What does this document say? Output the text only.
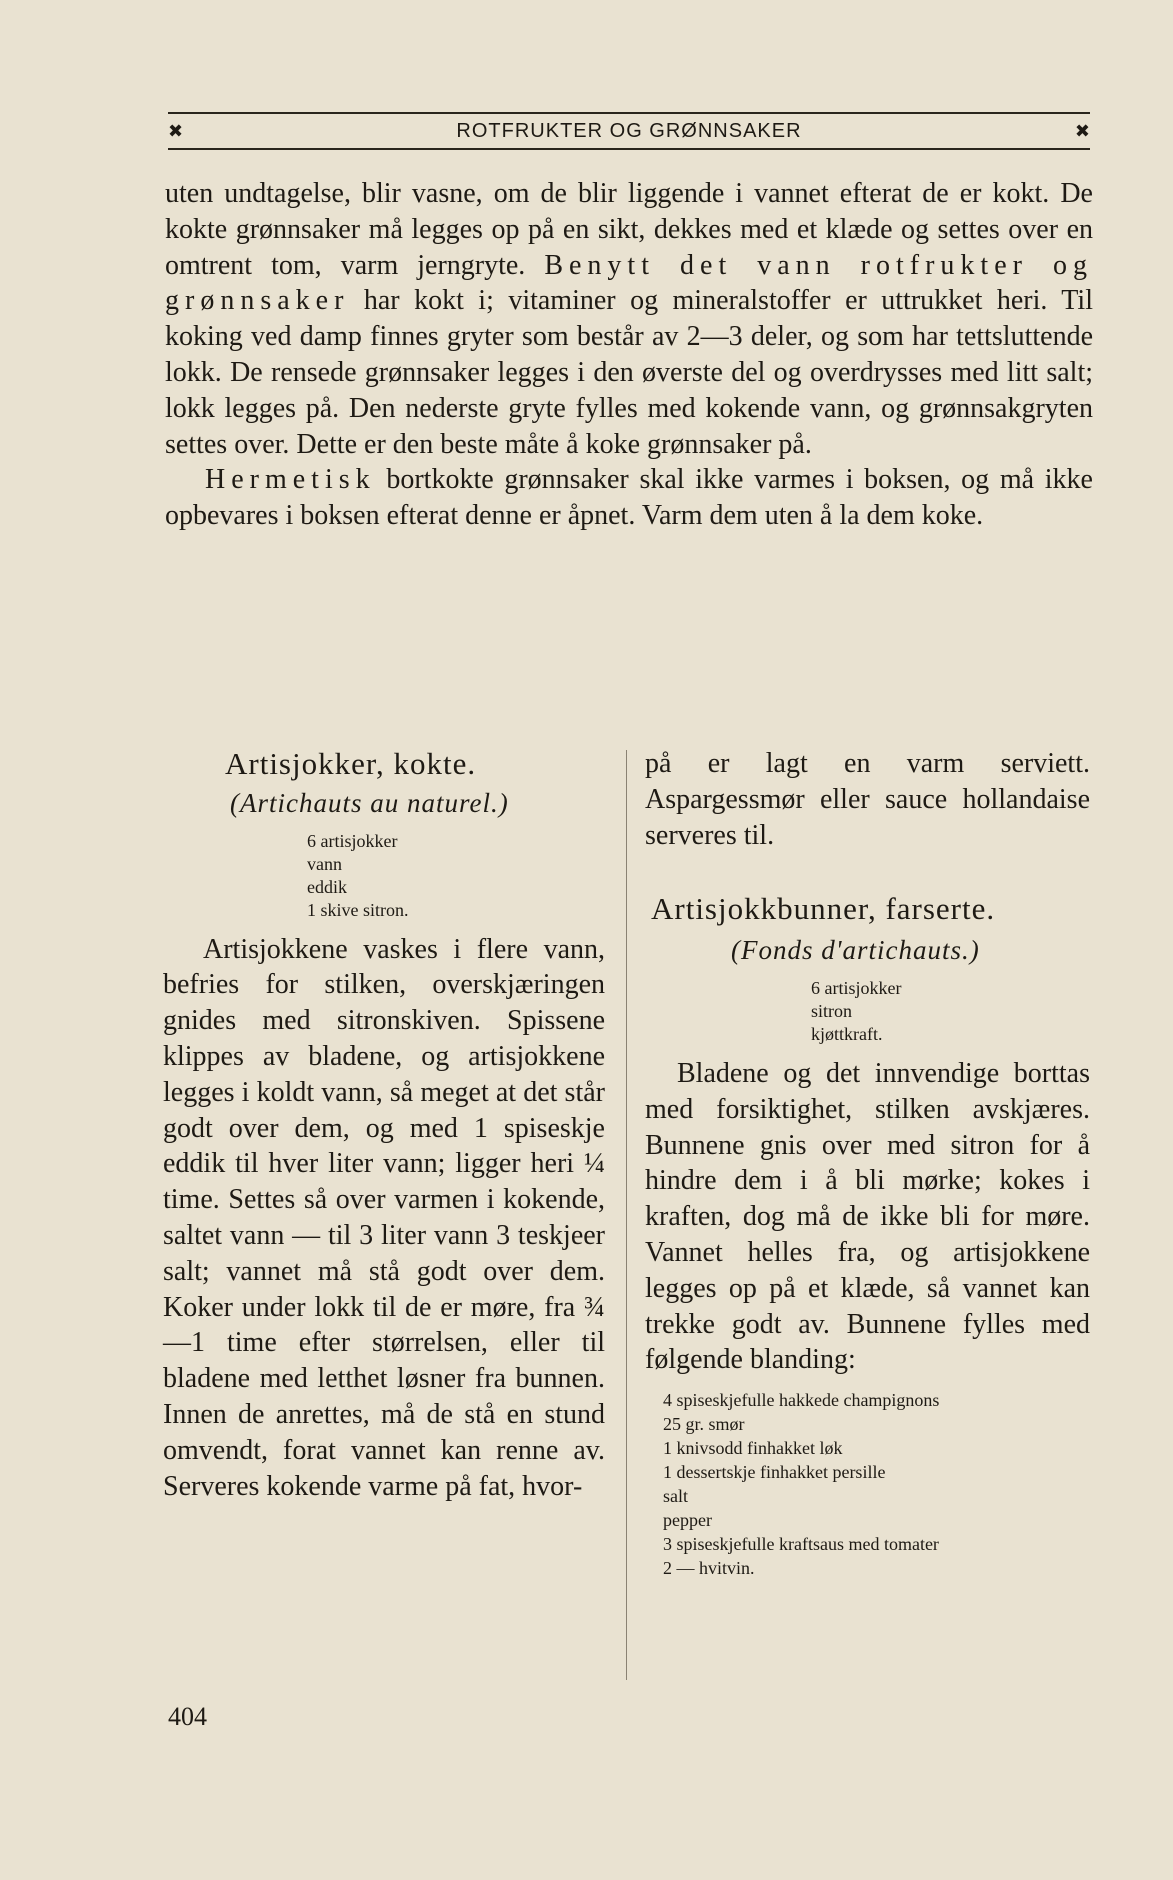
✖	ROTFRUKTER OG GRØNNSAKER	✖

uten undtagelse, blir vasne, om de blir liggende i vannet efterat de er kokt. De kokte grønnsaker må legges op på en sikt, dekkes med et klæde og settes over en omtrent tom, varm jerngryte. Benytt det vann rotfrukter og grønnsaker har kokt i; vitaminer og mineralstoffer er uttrukket heri. Til koking ved damp finnes gryter som består av 2—3 deler, og som har tettsluttende lokk. De rensede grønnsaker legges i den øverste del og overdrysses med litt salt; lokk legges på. Den nederste gryte fylles med kokende vann, og grønnsakgryten settes over. Dette er den beste måte å koke grønnsaker på.

Hermetisk bortkokte grønnsaker skal ikke varmes i boksen, og må ikke opbevares i boksen efterat denne er åpnet. Varm dem uten å la dem koke.

Artisjokker, kokte.
(Artichauts au naturel.)
6 artisjokker
vann
eddik
1 skive sitron.

Artisjokkene vaskes i flere vann, befries for stilken, overskjæringen gnides med sitronskiven. Spissene klippes av bladene, og artisjokkene legges i koldt vann, så meget at det står godt over dem, og med 1 spiseskje eddik til hver liter vann; ligger heri ¼ time. Settes så over varmen i kokende, saltet vann — til 3 liter vann 3 teskjeer salt; vannet må stå godt over dem. Koker under lokk til de er møre, fra ¾—1 time efter størrelsen, eller til bladene med letthet løsner fra bunnen. Innen de anrettes, må de stå en stund omvendt, forat vannet kan renne av. Serveres kokende varme på fat, hvor-

på er lagt en varm serviett. Aspargessmør eller sauce hollandaise serveres til.

Artisjokkbunner, farserte.
(Fonds d'artichauts.)
6 artisjokker
sitron
kjøttkraft.

Bladene og det innvendige borttas med forsiktighet, stilken avskjæres. Bunnene gnis over med sitron for å hindre dem i å bli mørke; kokes i kraften, dog må de ikke bli for møre. Vannet helles fra, og artisjokkene legges op på et klæde, så vannet kan trekke godt av. Bunnene fylles med følgende blanding:

4 spiseskjefulle hakkede champignons
25 gr. smør
1 knivsodd finhakket løk
1 dessertskje finhakket persille
salt
pepper
3 spiseskjefulle kraftsaus med tomater
2 — hvitvin.
404
